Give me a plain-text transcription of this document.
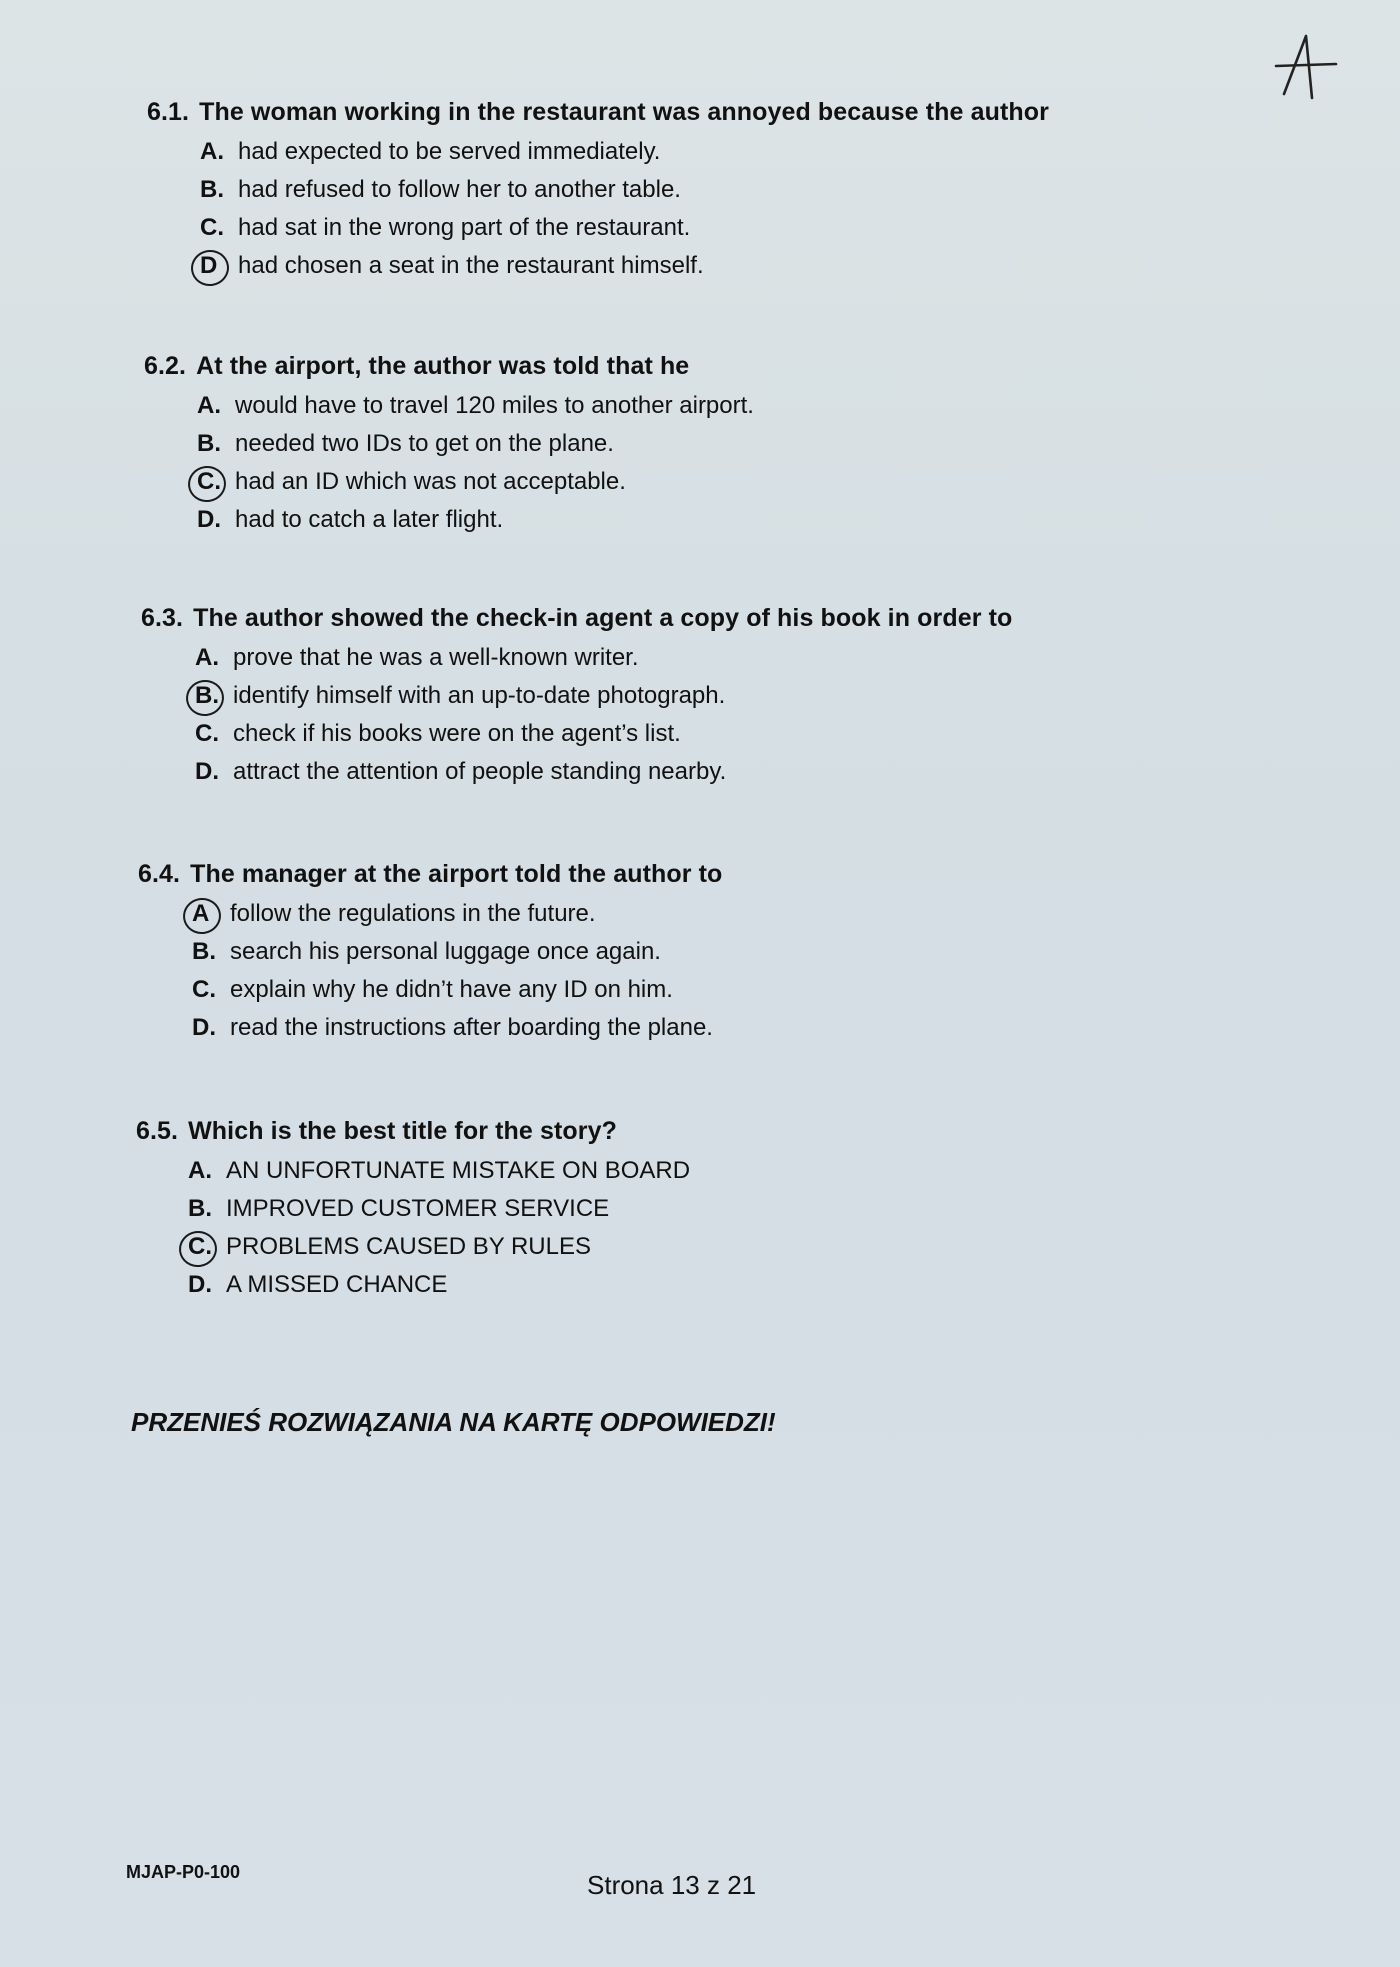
6.1. The woman working in the restaurant was annoyed because the author
A. had expected to be served immediately.
B. had refused to follow her to another table.
C. had sat in the wrong part of the restaurant.
D had chosen a seat in the restaurant himself.
6.2. At the airport, the author was told that he
A. would have to travel 120 miles to another airport.
B. needed two IDs to get on the plane.
C. had an ID which was not acceptable.
D. had to catch a later flight.
6.3. The author showed the check-in agent a copy of his book in order to
A. prove that he was a well-known writer.
B. identify himself with an up-to-date photograph.
C. check if his books were on the agent’s list.
D. attract the attention of people standing nearby.
6.4. The manager at the airport told the author to
A follow the regulations in the future.
B. search his personal luggage once again.
C. explain why he didn’t have any ID on him.
D. read the instructions after boarding the plane.
6.5. Which is the best title for the story?
A. AN UNFORTUNATE MISTAKE ON BOARD
B. IMPROVED CUSTOMER SERVICE
C. PROBLEMS CAUSED BY RULES
D. A MISSED CHANCE
PRZENIEŚ ROZWIĄZANIA NA KARTĘ ODPOWIEDZI!
MJAP-P0-100	Strona 13 z 21
